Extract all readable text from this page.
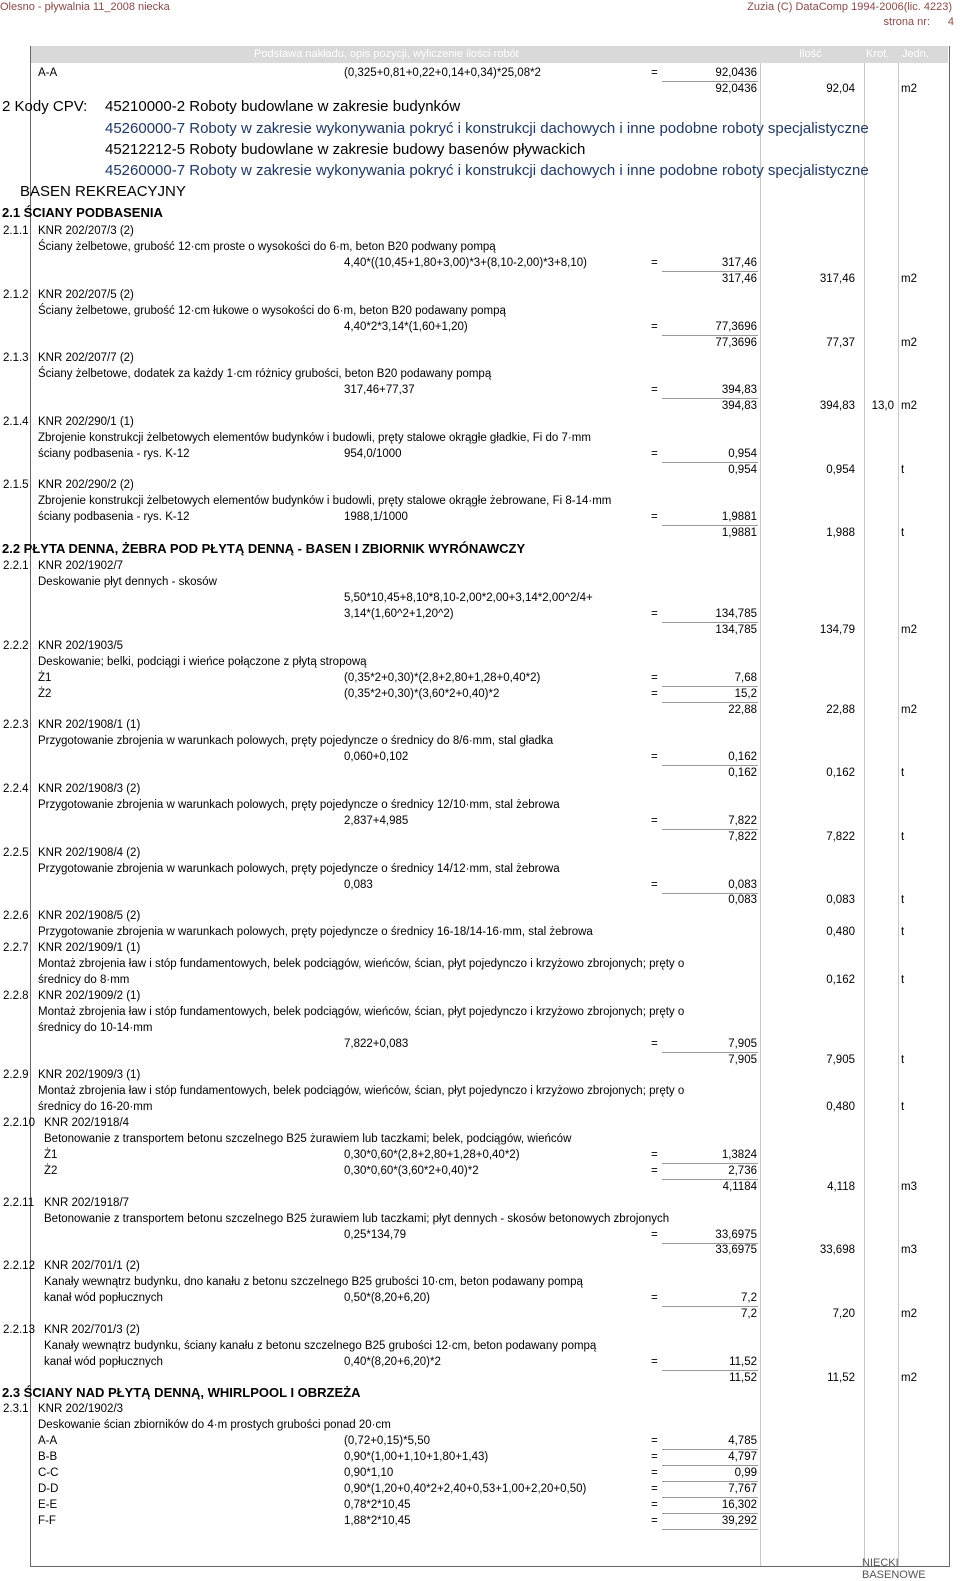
Olesno - pływalnia 11_2008 niecka	Zuzia (C) DataComp 1994-2006(lic. 4223)
strona nr: 4
Podstawa nakładu, opis pozycji, wyliczenie ilości robót	Ilość	Krot. Jedn.
2 Kody CPV: 45210000-2 Roboty budowlane w zakresie budynków
45260000-7 Roboty w zakresie wykonywania pokryć i konstrukcji dachowych i inne podobne roboty specjalistyczne
45212212-5 Roboty budowlane w zakresie budowy basenów pływackich
45260000-7 Roboty w zakresie wykonywania pokryć i konstrukcji dachowych i inne podobne roboty specjalistyczne
BASEN REKREACYJNY
2.1 ŚCIANY PODBASENIA
2.2 PŁYTA DENNA, ŻEBRA POD PŁYTĄ DENNĄ - BASEN I ZBIORNIK WYRÓNAWCZY
2.3 ŚCIANY NAD PŁYTĄ DENNĄ, WHIRLPOOL I OBRZEŻA
A-A	(0,325+0,81+0,22+0,14+0,34)*25,08*2	=	92,0436
92,0436	92,04	m2
2.1.1 KNR 202/207/3 (2)
Ściany żelbetowe, grubość 12·cm proste o wysokości do 6·m, beton B20 podwany pompą
4,40*((10,45+1,80+3,00)*3+(8,10-2,00)*3+8,10)	=	317,46
317,46	317,46	m2
2.1.2 KNR 202/207/5 (2)
Ściany żelbetowe, grubość 12·cm łukowe o wysokości do 6·m, beton B20 podawany pompą
4,40*2*3,14*(1,60+1,20)	=	77,3696
77,3696	77,37	m2
2.1.3 KNR 202/207/7 (2)
Ściany żelbetowe, dodatek za każdy 1·cm różnicy grubości, beton B20 podawany pompą
317,46+77,37	=	394,83
394,83	394,83 13,0 m2
2.1.4 KNR 202/290/1 (1)
Zbrojenie konstrukcji żelbetowych elementów budynków i budowli, pręty stalowe okrągłe gładkie, Fi do 7·mm
ściany podbasenia - rys. K-12	954,0/1000	=	0,954
0,954	0,954	t
2.1.5 KNR 202/290/2 (2)
Zbrojenie konstrukcji żelbetowych elementów budynków i budowli, pręty stalowe okrągłe żebrowane, Fi 8-14·mm
ściany podbasenia - rys. K-12	1988,1/1000	=	1,9881
1,9881	1,988	t
2.2.1 KNR 202/1902/7
Deskowanie płyt dennych - skosów
5,50*10,45+8,10*8,10-2,00*2,00+3,14*2,00^2/4+
3,14*(1,60^2+1,20^2)	=	134,785
134,785	134,79	m2
2.2.2 KNR 202/1903/5
Deskowanie; belki, podciągi i wieńce połączone z płytą stropową
Ż1	(0,35*2+0,30)*(2,8+2,80+1,28+0,40*2)	=	7,68
Ż2	(0,35*2+0,30)*(3,60*2+0,40)*2	=	15,2
22,88	22,88	m2
2.2.3 KNR 202/1908/1 (1)
Przygotowanie zbrojenia w warunkach polowych, pręty pojedyncze o średnicy do 8/6·mm, stal gładka
0,060+0,102	=	0,162
0,162	0,162	t
2.2.4 KNR 202/1908/3 (2)
Przygotowanie zbrojenia w warunkach polowych, pręty pojedyncze o średnicy 12/10·mm, stal żebrowa
2,837+4,985	=	7,822
7,822	7,822	t
2.2.5 KNR 202/1908/4 (2)
Przygotowanie zbrojenia w warunkach polowych, pręty pojedyncze o średnicy 14/12·mm, stal żebrowa
0,083	=	0,083
0,083	0,083	t
2.2.6 KNR 202/1908/5 (2)
Przygotowanie zbrojenia w warunkach polowych, pręty pojedyncze o średnicy 16-18/14-16·mm, stal żebrowa	0,480	t
2.2.7 KNR 202/1909/1 (1)
Montaż zbrojenia ław i stóp fundamentowych, belek podciągów, wieńców, ścian, płyt pojedynczo i krzyżowo zbrojonych; pręty o
średnicy do 8·mm	0,162	t
2.2.8 KNR 202/1909/2 (1)
Montaż zbrojenia ław i stóp fundamentowych, belek podciągów, wieńców, ścian, płyt pojedynczo i krzyżowo zbrojonych; pręty o
średnicy do 10-14·mm
7,822+0,083	=	7,905
7,905	7,905	t
2.2.9 KNR 202/1909/3 (1)
Montaż zbrojenia ław i stóp fundamentowych, belek podciągów, wieńców, ścian, płyt pojedynczo i krzyżowo zbrojonych; pręty o
średnicy do 16-20·mm	0,480	t
2.2.10 KNR 202/1918/4
Betonowanie z transportem betonu szczelnego B25 żurawiem lub taczkami; belek, podciągów, wieńców
Ż1	0,30*0,60*(2,8+2,80+1,28+0,40*2)	=	1,3824
Ż2	0,30*0,60*(3,60*2+0,40)*2	=	2,736
4,1184	4,118	m3
2.2.11 KNR 202/1918/7
Betonowanie z transportem betonu szczelnego B25 żurawiem lub taczkami; płyt dennych - skosów betonowych zbrojonych
0,25*134,79	=	33,6975
33,6975	33,698	m3
2.2.12 KNR 202/701/1 (2)
Kanały wewnątrz budynku, dno kanału z betonu szczelnego B25 grubości 10·cm, beton podawany pompą
kanał wód popłucznych	0,50*(8,20+6,20)	=	7,2
7,2	7,20	m2
2.2.13 KNR 202/701/3 (2)
Kanały wewnątrz budynku, ściany kanału z betonu szczelnego B25 grubości 12·cm, beton podawany pompą
kanał wód popłucznych	0,40*(8,20+6,20)*2	=	11,52
11,52	11,52	m2
2.3.1 KNR 202/1902/3
Deskowanie ścian zbiorników do 4·m prostych grubości ponad 20·cm
A-A	(0,72+0,15)*5,50	=	4,785
B-B	0,90*(1,00+1,10+1,80+1,43)	=	4,797
C-C	0,90*1,10	=	0,99
D-D	0,90*(1,20+0,40*2+2,40+0,53+1,00+2,20+0,50)	=	7,767
E-E	0,78*2*10,45	=	16,302
F-F	1,88*2*10,45	=	39,292
NIECKI BASENOWE
